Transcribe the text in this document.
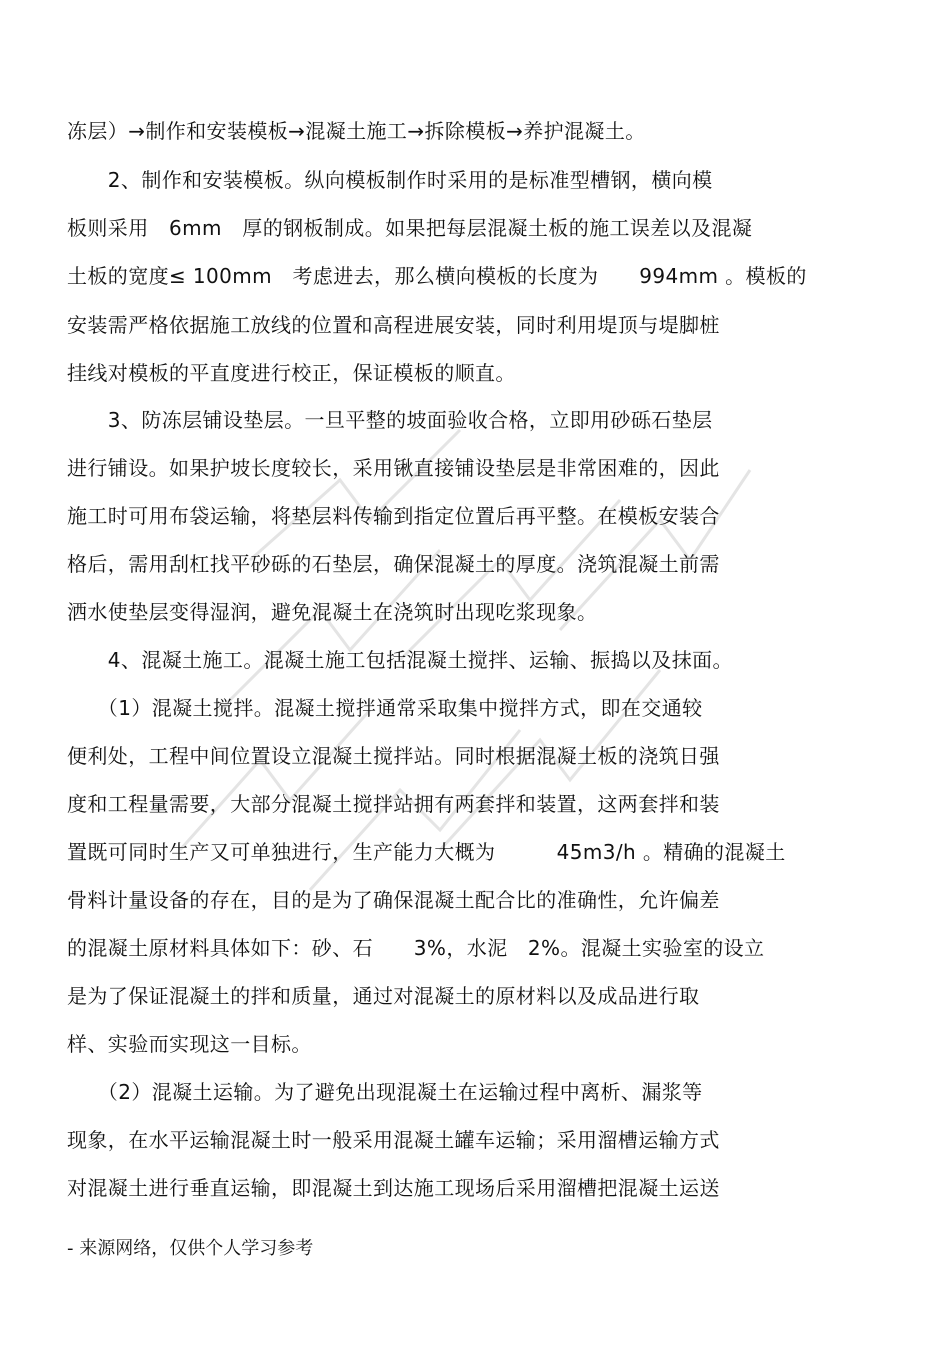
冻层）→制作和安装模板→混凝土施工→拆除模板→养护混凝土。
　　2、制作和安装模板。纵向模板制作时采用的是标准型槽钢，横向模
板则采用　6mm　厚的钢板制成。如果把每层混凝土板的施工误差以及混凝
土板的宽度≤ 100mm　考虑进去，那么横向模板的长度为　　994mm 。模板的
安装需严格依据施工放线的位置和高程进展安装，同时利用堤顶与堤脚桩
挂线对模板的平直度进行校正，保证模板的顺直。
　　3、防冻层铺设垫层。一旦平整的坡面验收合格，立即用砂砾石垫层
进行铺设。如果护坡长度较长，采用锹直接铺设垫层是非常困难的，因此
施工时可用布袋运输，将垫层料传输到指定位置后再平整。在模板安装合
格后，需用刮杠找平砂砾的石垫层，确保混凝土的厚度。浇筑混凝土前需
洒水使垫层变得湿润，避免混凝土在浇筑时出现吃浆现象。
　　4、混凝土施工。混凝土施工包括混凝土搅拌、运输、振捣以及抹面。
　　（1）混凝土搅拌。混凝土搅拌通常采取集中搅拌方式，即在交通较
便利处，工程中间位置设立混凝土搅拌站。同时根据混凝土板的浇筑日强
度和工程量需要，大部分混凝土搅拌站拥有两套拌和装置，这两套拌和装
置既可同时生产又可单独进行，生产能力大概为　　　45m3/h 。精确的混凝土
骨料计量设备的存在，目的是为了确保混凝土配合比的准确性，允许偏差
的混凝土原材料具体如下：砂、石　　3%，水泥　2%。混凝土实验室的设立
是为了保证混凝土的拌和质量，通过对混凝土的原材料以及成品进行取
样、实验而实现这一目标。
　　（2）混凝土运输。为了避免出现混凝土在运输过程中离析、漏浆等
现象，在水平运输混凝土时一般采用混凝土罐车运输；采用溜槽运输方式
对混凝土进行垂直运输，即混凝土到达施工现场后采用溜槽把混凝土运送
- 来源网络，仅供个人学习参考
